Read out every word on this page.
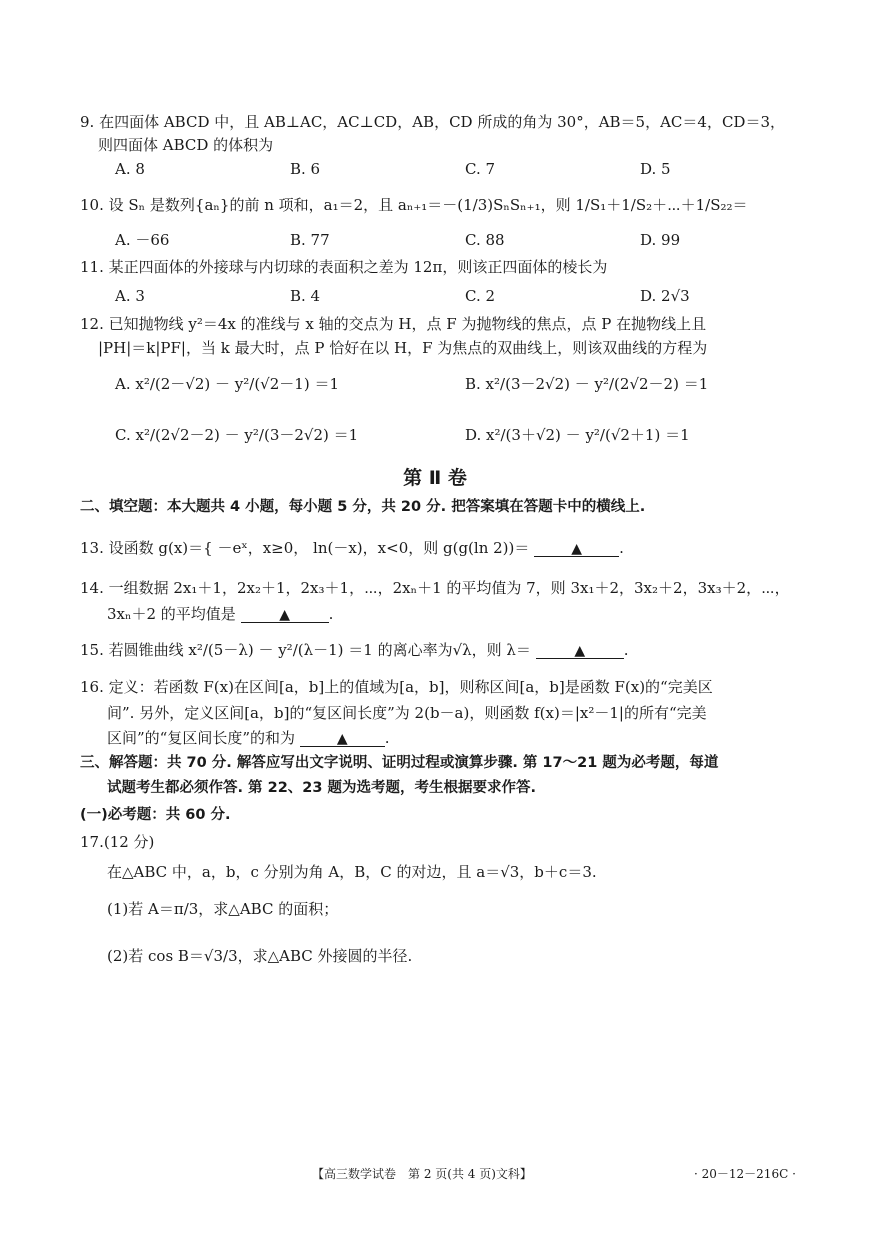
9. 在四面体 ABCD 中，且 AB⊥AC，AC⊥CD，AB，CD 所成的角为 30°，AB＝5，AC＝4，CD＝3，
则四面体 ABCD 的体积为
A. 8	B. 6	C. 7	D. 5
10. 设 Sₙ 是数列{aₙ}的前 n 项和，a₁＝2，且 aₙ₊₁＝－(1/3)SₙSₙ₊₁，则 1/S₁＋1/S₂＋⋯＋1/S₂₂＝
A. －66	B. 77	C. 88	D. 99
11. 某正四面体的外接球与内切球的表面积之差为 12π，则该正四面体的棱长为
A. 3	B. 4	C. 2	D. 2√3
12. 已知抛物线 y²＝4x 的准线与 x 轴的交点为 H，点 F 为抛物线的焦点，点 P 在抛物线上且
|PH|＝k|PF|，当 k 最大时，点 P 恰好在以 H，F 为焦点的双曲线上，则该双曲线的方程为
A. x²/(2－√2) － y²/(√2－1) ＝1	B. x²/(3－2√2) － y²/(2√2－2) ＝1
C. x²/(2√2－2) － y²/(3－2√2) ＝1	D. x²/(3＋√2) － y²/(√2＋1) ＝1
第 Ⅱ 卷
二、填空题：本大题共 4 小题，每小题 5 分，共 20 分. 把答案填在答题卡中的横线上.
13. 设函数 g(x)＝{ －eˣ，x≥0， ln(－x)，x<0，则 g(g(ln 2))＝	▲ .
14. 一组数据 2x₁＋1，2x₂＋1，2x₃＋1，⋯，2xₙ＋1 的平均值为 7，则 3x₁＋2，3x₂＋2，3x₃＋2，⋯，
3xₙ＋2 的平均值是	▲	.
15. 若圆锥曲线 x²/(5－λ) － y²/(λ－1) ＝1 的离心率为√λ，则 λ＝	▲	.
16. 定义：若函数 F(x)在区间[a，b]上的值域为[a，b]，则称区间[a，b]是函数 F(x)的“完美区
间”. 另外，定义区间[a，b]的“复区间长度”为 2(b－a)，则函数 f(x)＝|x²－1|的所有“完美
区间”的“复区间长度”的和为	▲ .
三、解答题：共 70 分. 解答应写出文字说明、证明过程或演算步骤. 第 17～21 题为必考题，每道
试题考生都必须作答. 第 22、23 题为选考题，考生根据要求作答.
(一)必考题：共 60 分.
17.(12 分)
在△ABC 中，a，b，c 分别为角 A，B，C 的对边，且 a＝√3，b＋c＝3.
(1)若 A＝π/3，求△ABC 的面积；
(2)若 cos B＝√3/3，求△ABC 外接圆的半径.
【高三数学试卷　第 2 页(共 4 页)文科】	· 20－12－216C ·
